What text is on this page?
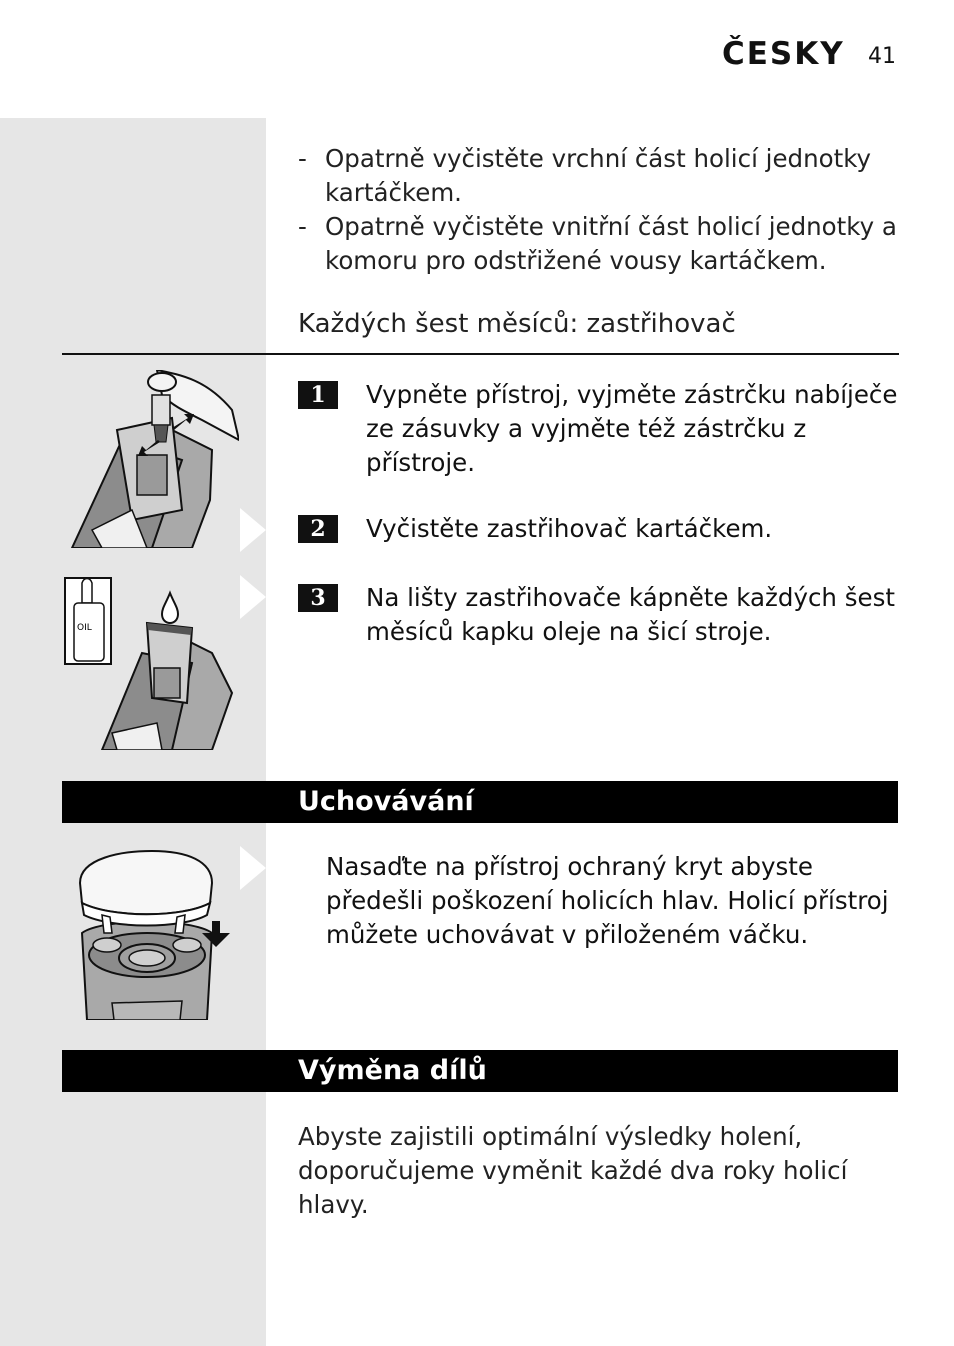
ČESKY 41
- Opatrně vyčistěte vrchní část holicí jednotky kartáčkem.
- Opatrně vyčistěte vnitřní část holicí jednotky a komoru pro odstřižené vousy kartáčkem.
Každých šest měsíců: zastřihovač
OIL
1	Vypněte přístroj, vyjměte zástrčku nabíječe ze zásuvky a vyjměte též zástrčku z přístroje.
2	Vyčistěte zastřihovač kartáčkem.
3	Na lišty zastřihovače kápněte každých šest měsíců kapku oleje na šicí stroje.
Uchovávání
Nasaďte na přístroj ochraný kryt abyste předešli poškození holicích hlav. Holicí přístroj můžete uchovávat v přiloženém váčku.
Výměna dílů
Abyste zajistili optimální výsledky holení, doporučujeme vyměnit každé dva roky holicí hlavy.
